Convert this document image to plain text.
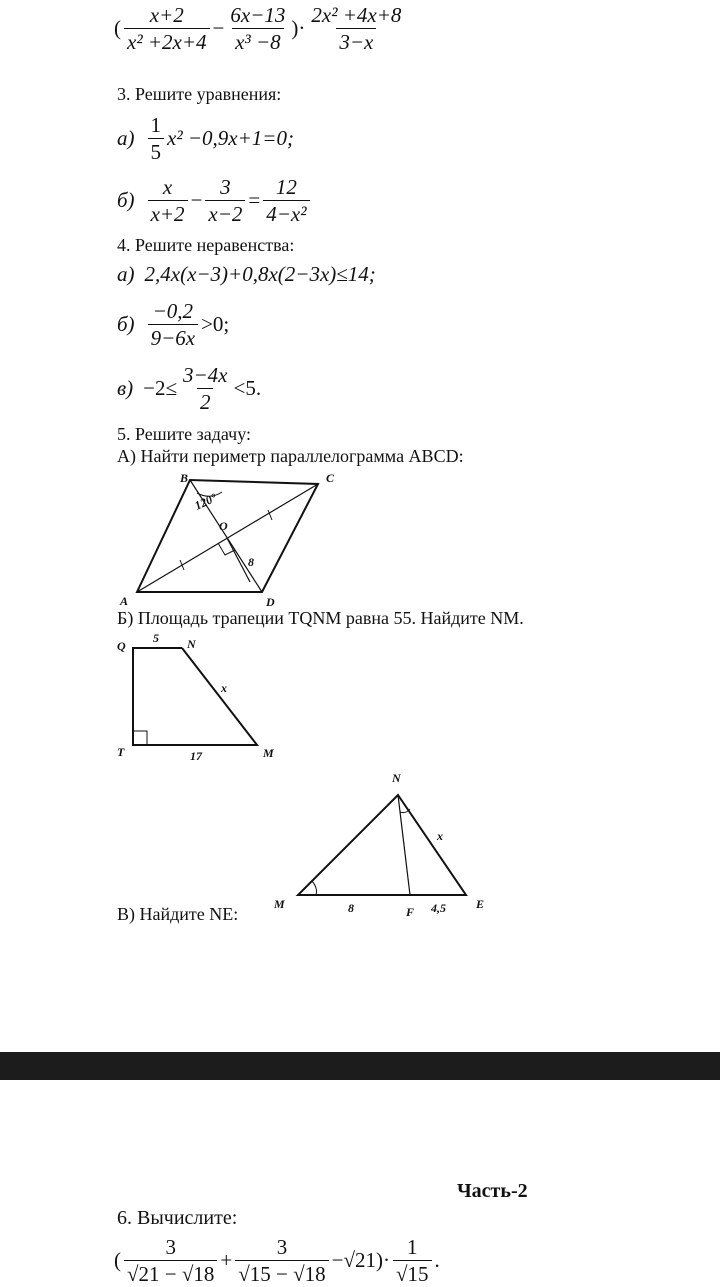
( $\frac{x+2}{\text{x² +2x+4}} - \frac{6x-13}{\text{x³ −8}}$ )· $\frac{\text{2x² +4x+8}}{3-x}$
3. Решите уравнения:
$а) \frac{1}{5} x^2 -0,9x+1=0$;
$б) \frac{x}{x+2} - \frac{3}{x-2} = \frac{12}{\text{4−x²}}$
4. Решите неравенства:
а) 2,4x(x−3)+0,8x(2−3x)≤14;
$б) \frac{-0,2}{9-6x} >0$;
$в) -2\le \frac{3-4x}{2} <5$.
5. Решите задачу:
А) Найти периметр параллелограмма ABCD:
A
B	C
D
O
120°
8
Q	N
T	M
5
17
x
N
M
F
E
8	4,5
x
Б) Площадь трапеции TQNM равна 55. Найдите NM.
В) Найдите NE:
Часть-2
6. Вычислите:
( $\frac{3}{√21 - √18} + \frac{3}{√15 - √18} -√21)\cdot \frac{1}{√15}$ .
